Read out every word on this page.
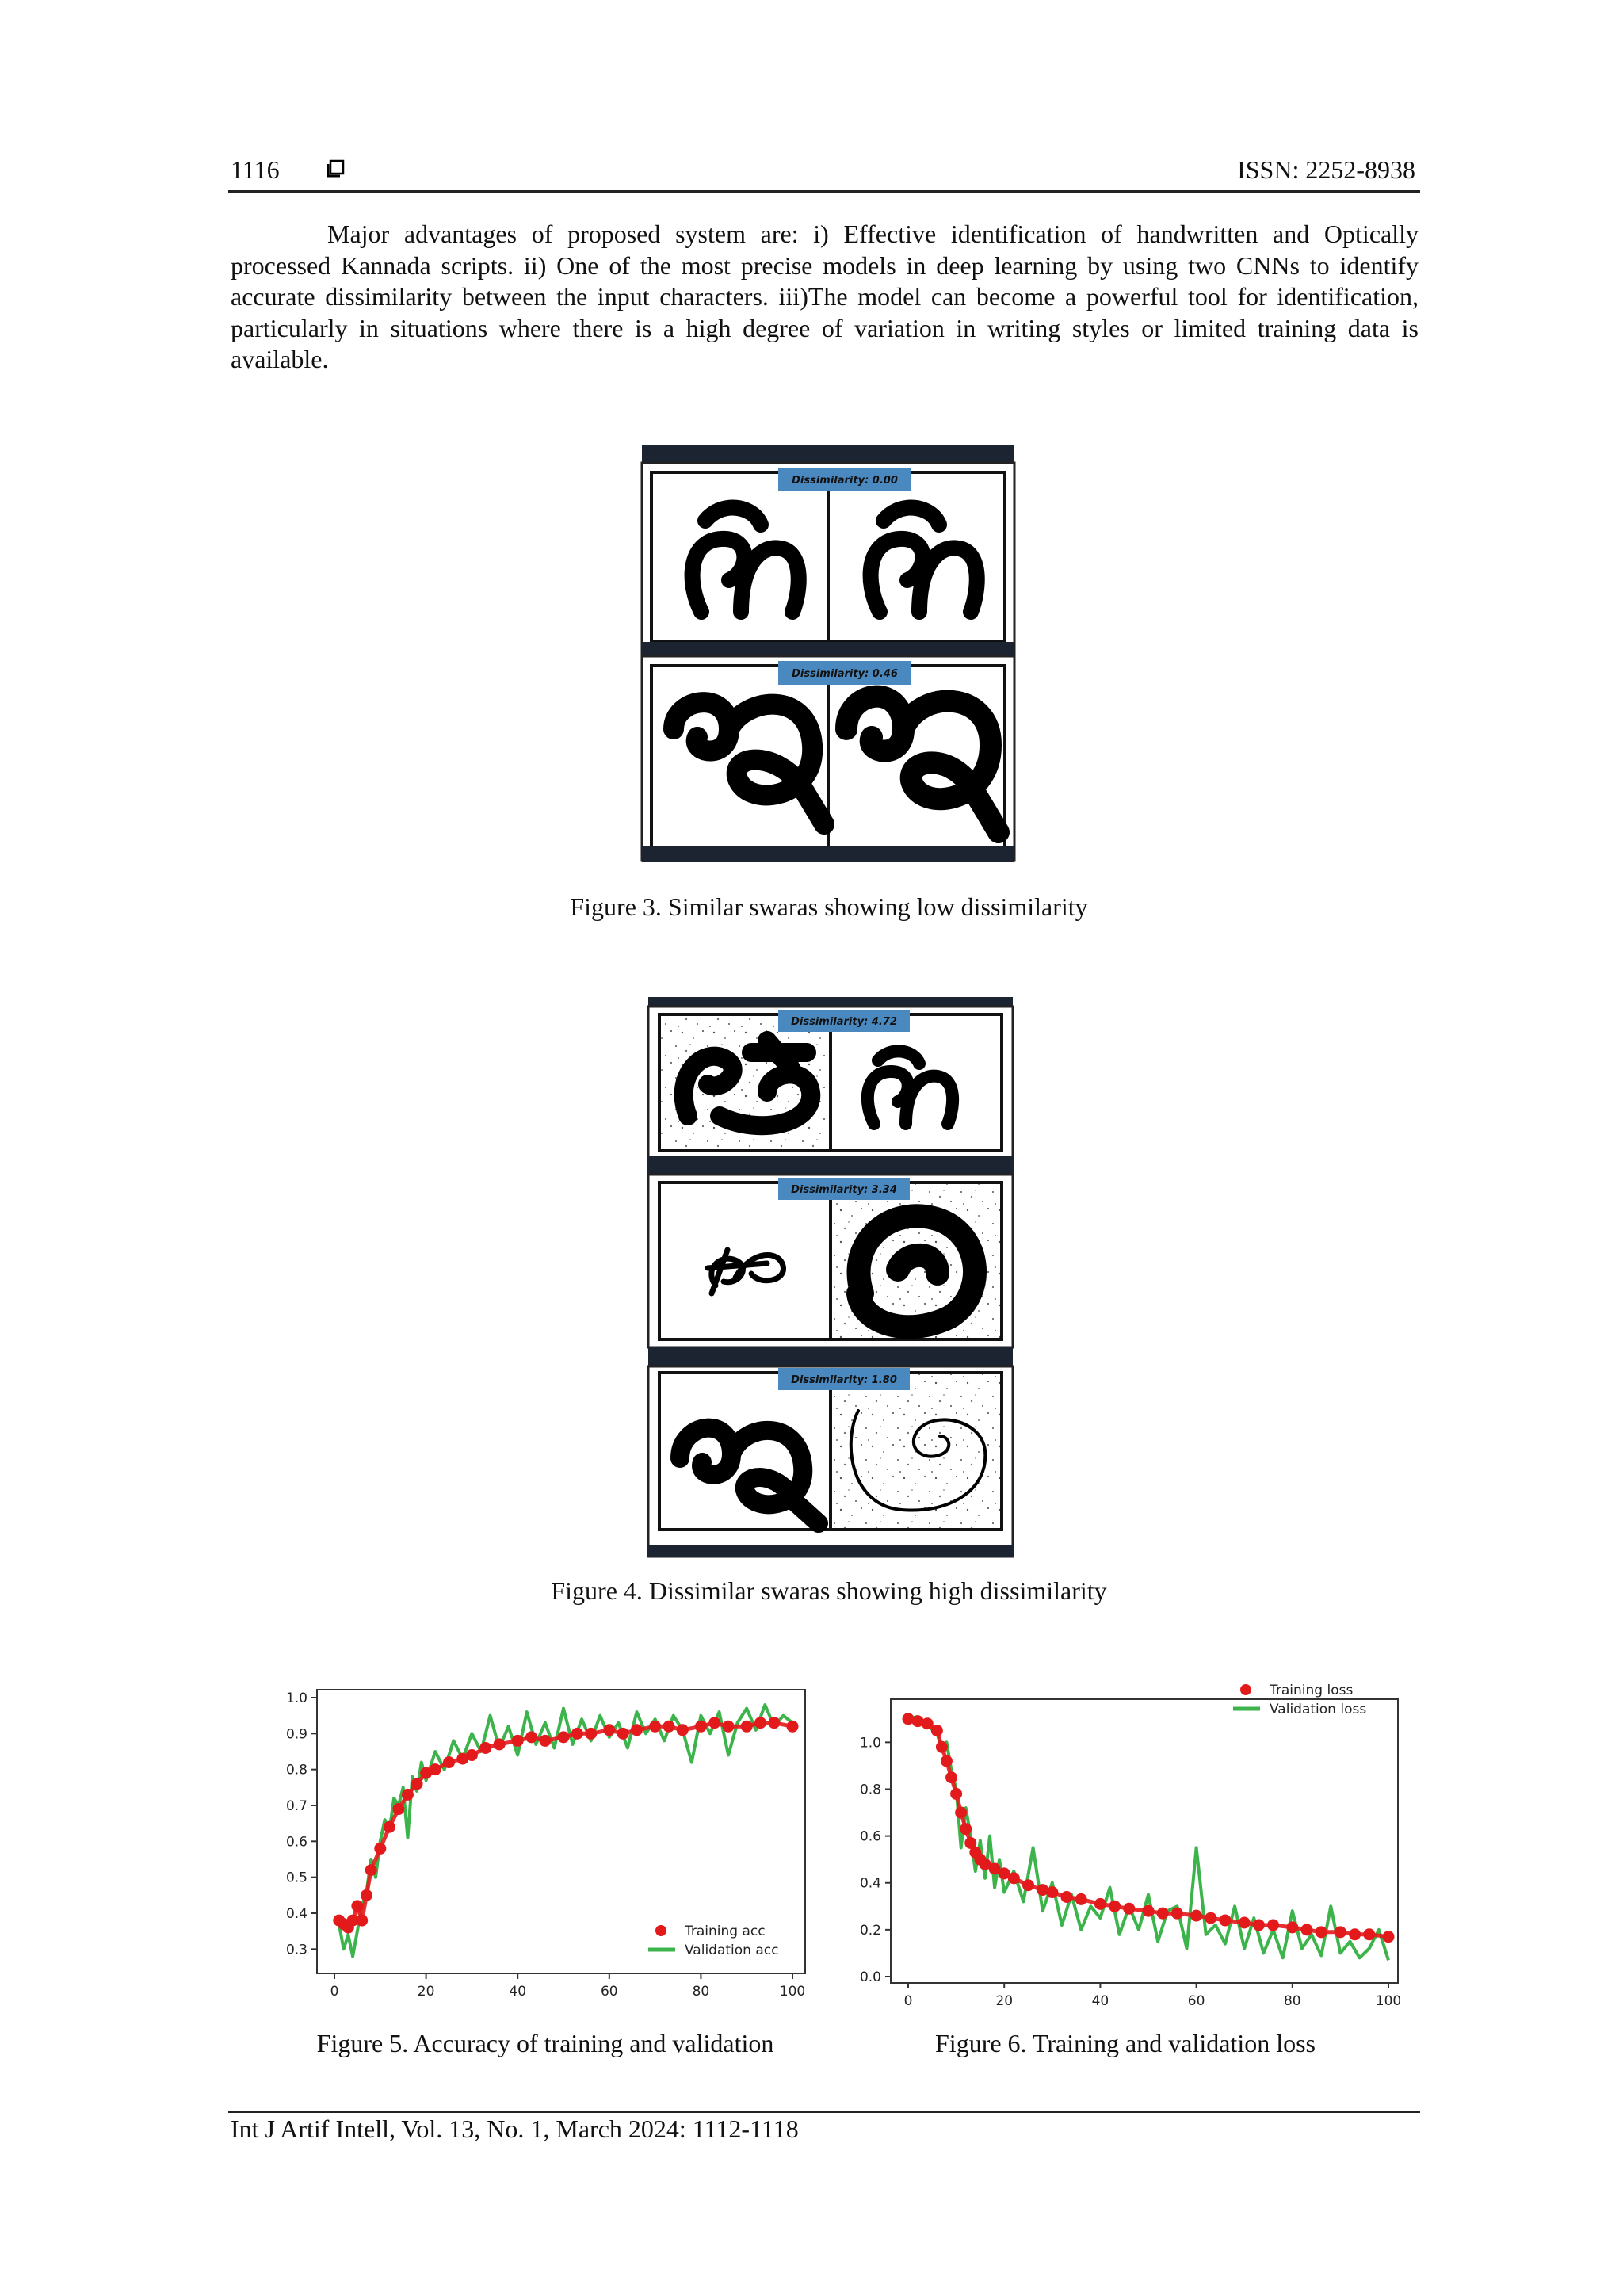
1116	ISSN: 2252-8938
Major advantages of proposed system are: i) Effective identification of handwritten and Optically processed Kannada scripts. ii) One of the most precise models in deep learning by using two CNNs to identify accurate dissimilarity between the input characters. iii)The model can become a powerful tool for identification, particularly in situations where there is a high degree of variation in writing styles or limited training data is available.
Dissimilarity: 0.00
Dissimilarity: 0.46
Figure 3. Similar swaras showing low dissimilarity
Dissimilarity: 4.72
Dissimilarity: 3.34
Dissimilarity: 1.80
Figure 4. Dissimilar swaras showing high dissimilarity
0	20	40	60	80	100
0.3
0.4
0.5
0.6
0.7
0.8
0.9
1.0
Training acc
Validation acc
Figure 5. Accuracy of training and validation
0	20	40	60	80	100
0.0
0.2
0.4
0.6
0.8
1.0
Training loss
Validation loss
Figure 6. Training and validation loss
Int J Artif Intell, Vol. 13, No. 1, March 2024: 1112-1118
